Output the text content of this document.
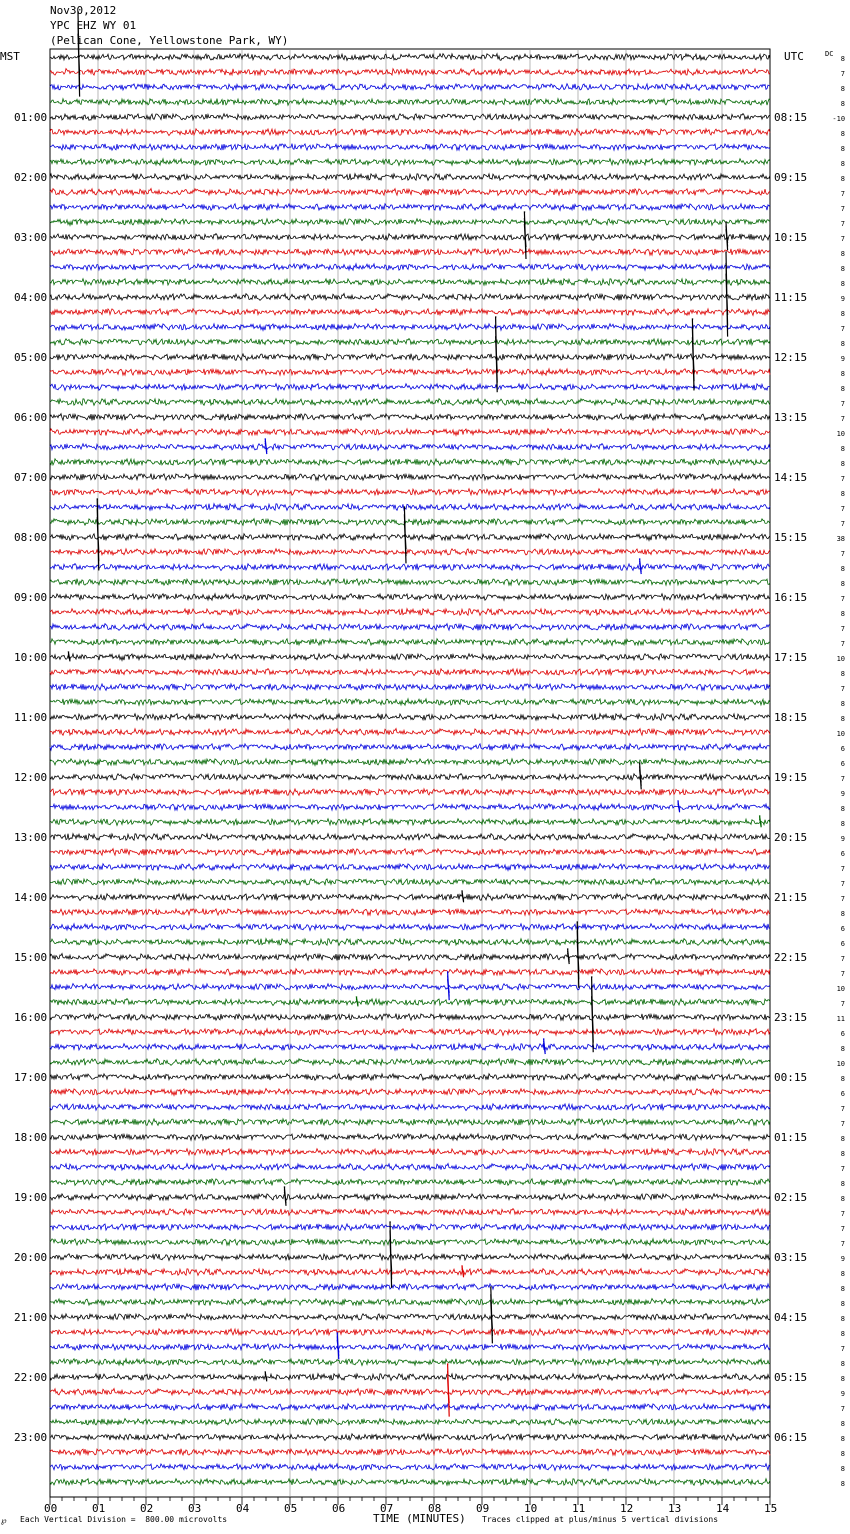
Nov30,2012
YPC EHZ WY 01
(Pelican Cone, Yellowstone Park, WY)
00	01	02	03	04	05	06	07	08	09	10	11	12	13	14	15
MST	UTC	DC
TIME (MINUTES)
01:00
02:00
03:00
04:00
05:00
06:00
07:00
08:00
09:00
10:00
11:00
12:00
13:00
14:00
15:00
16:00
17:00
18:00
19:00
20:00
21:00
22:00
23:00
08:15
09:15
10:15
11:15
12:15
13:15
14:15
15:15
16:15
17:15
18:15
19:15
20:15
21:15
22:15
23:15
00:15
01:15
02:15
03:15
04:15
05:15
06:15
8
7
8
8
-10
8
8
8
8
7
7
7
7
8
8
8
9
8
7
8
9
8
8
7
7
10
8
8
7
8
7
7
38
7
8
8
7
8
7
7
10
8
7
8
8
10
6
6
7
9
8
8
9
6
7
7
7
8
6
6
7
7
10
7
11
6
8
10
8
6
7
7
8
8
7
8
8
7
7
7
9
8
8
8
8
8
7
8
8
9
7
8
8
8
8
8
℘ Each Vertical Division =  800.00 microvolts	Traces clipped at plus/minus 5 vertical divisions
